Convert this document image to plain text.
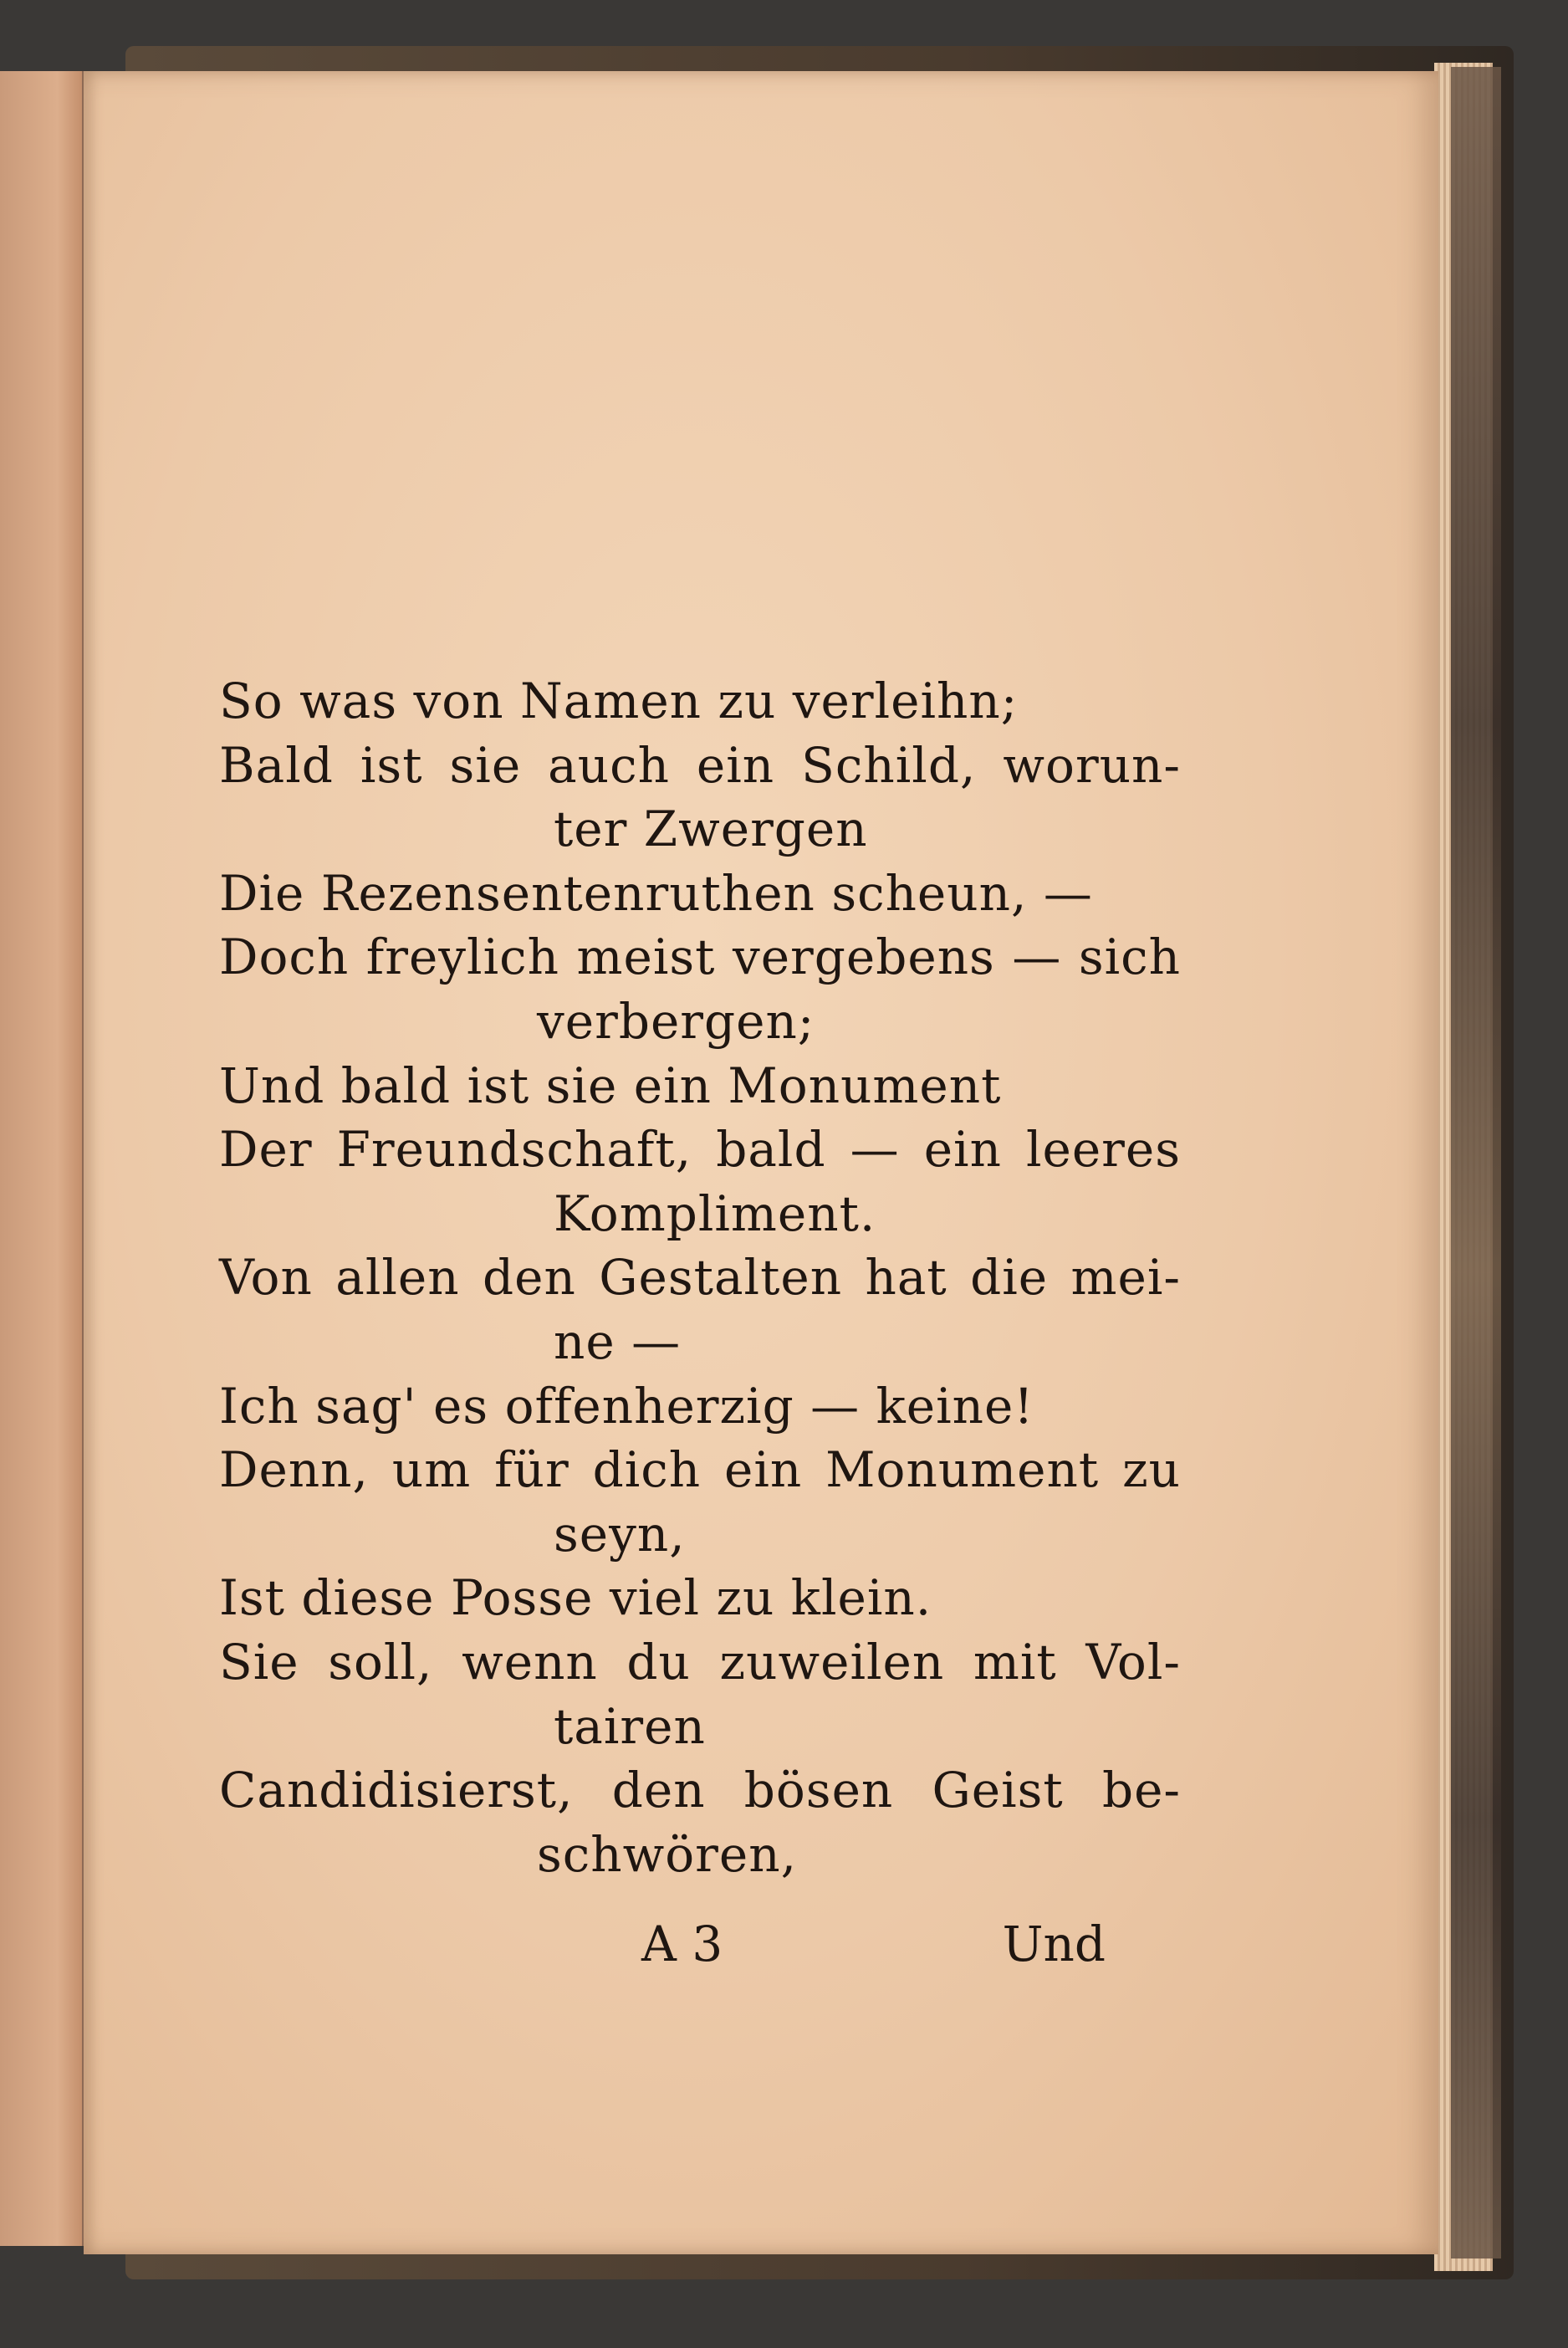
So was von Namen zu verleihn;
Bald ist sie auch ein Schild, worun-
ter Zwergen
Die Rezensentenruthen scheun, —
Doch freylich meist vergebens — sich
verbergen;
Und bald ist sie ein Monument
Der Freundschaft, bald — ein leeres
Kompliment.
Von allen den Gestalten hat die mei-
ne —
Ich sag' es offenherzig — keine!
Denn, um für dich ein Monument zu
seyn,
Ist diese Posse viel zu klein.
Sie soll, wenn du zuweilen mit Vol-
tairen
Candidisierst, den bösen Geist be-
schwören,
A 3	Und
